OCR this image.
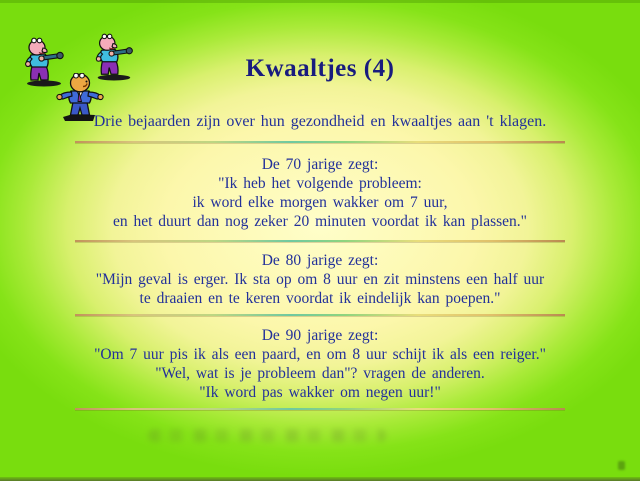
Kwaaltjes (4)
Drie bejaarden zijn over hun gezondheid en kwaaltjes aan 't klagen.
De 70 jarige zegt:
"Ik heb het volgende probleem:
ik word elke morgen wakker om 7 uur,
en het duurt dan nog zeker 20 minuten voordat ik kan plassen."
De 80 jarige zegt:
"Mijn geval is erger. Ik sta op om 8 uur en zit minstens een half uur
te draaien en te keren voordat ik eindelijk kan poepen."
De 90 jarige zegt:
"Om 7 uur pis ik als een paard, en om 8 uur schijt ik als een reiger."
"Wel, wat is je probleem dan"? vragen de anderen.
"Ik word pas wakker om negen uur!"
